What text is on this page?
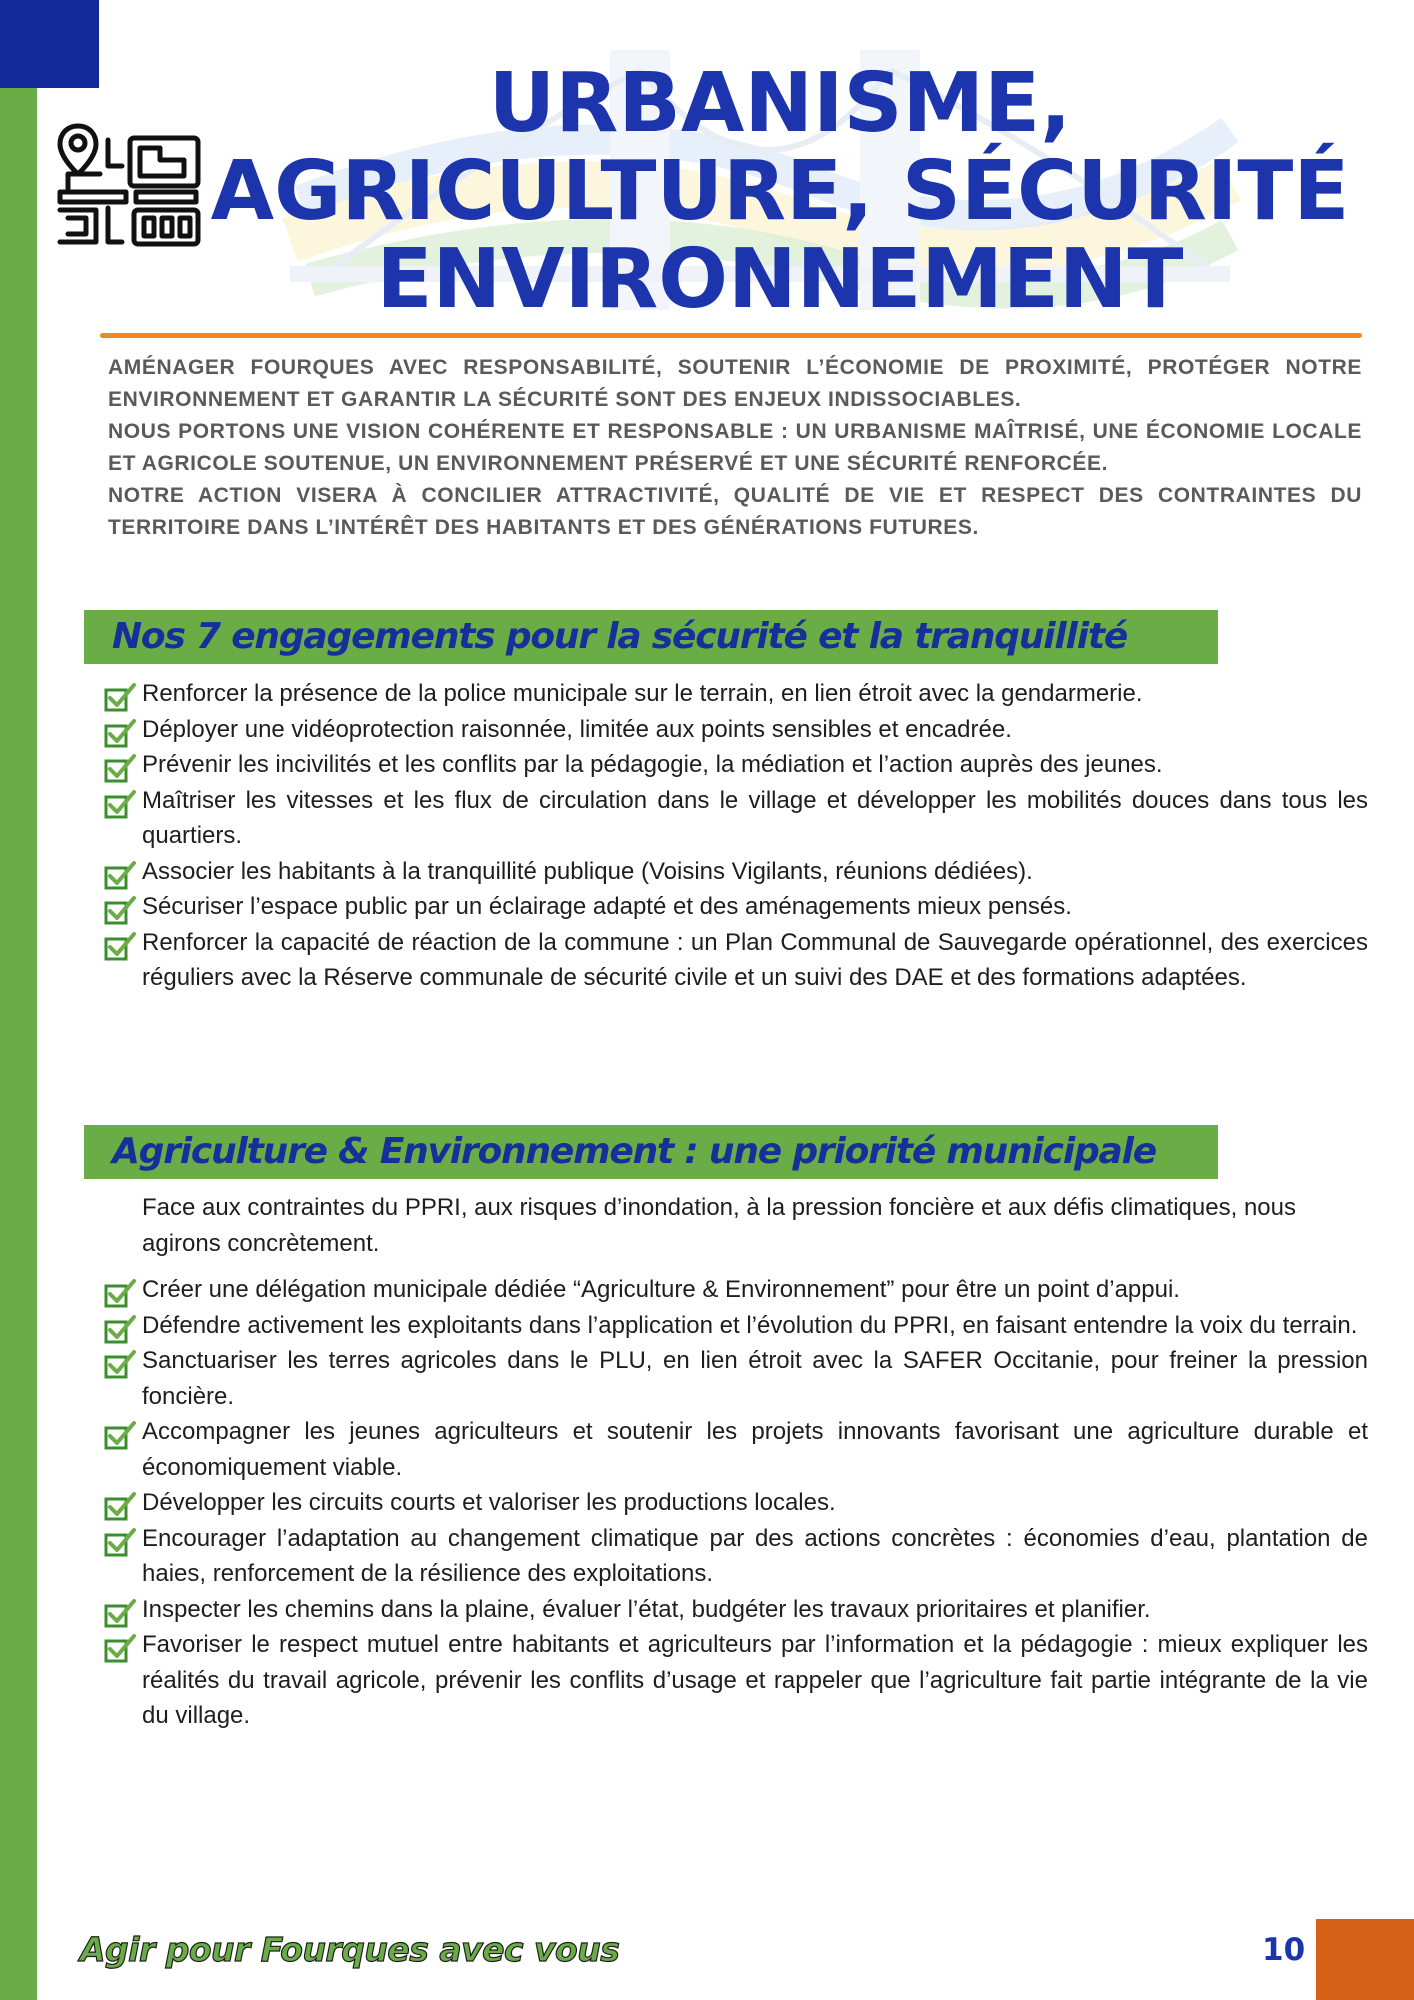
URBANISME,
AGRICULTURE, SÉCURITÉ
ENVIRONNEMENT

AMÉNAGER FOURQUES AVEC RESPONSABILITÉ, SOUTENIR L’ÉCONOMIE DE PROXIMITÉ, PROTÉGER NOTRE ENVIRONNEMENT ET GARANTIR LA SÉCURITÉ SONT DES ENJEUX INDISSOCIABLES.

NOUS PORTONS UNE VISION COHÉRENTE ET RESPONSABLE : UN URBANISME MAÎTRISÉ, UNE ÉCONOMIE LOCALE ET AGRICOLE SOUTENUE, UN ENVIRONNEMENT PRÉSERVÉ ET UNE SÉCURITÉ RENFORCÉE.

NOTRE ACTION VISERA À CONCILIER ATTRACTIVITÉ, QUALITÉ DE VIE ET RESPECT DES CONTRAINTES DU TERRITOIRE DANS L’INTÉRÊT DES HABITANTS ET DES GÉNÉRATIONS FUTURES.

Nos 7 engagements pour la sécurité et la tranquillité
Renforcer la présence de la police municipale sur le terrain, en lien étroit avec la gendarmerie.
Déployer une vidéoprotection raisonnée, limitée aux points sensibles et encadrée.
Prévenir les incivilités et les conflits par la pédagogie, la médiation et l’action auprès des jeunes.
Maîtriser les vitesses et les flux de circulation dans le village et développer les mobilités douces dans tous les quartiers.
Associer les habitants à la tranquillité publique (Voisins Vigilants, réunions dédiées).
Sécuriser l’espace public par un éclairage adapté et des aménagements mieux pensés.
Renforcer la capacité de réaction de la commune : un Plan Communal de Sauvegarde opérationnel, des exercices réguliers avec la Réserve communale de sécurité civile et un suivi des DAE et des formations adaptées.
Agriculture & Environnement : une priorité municipale
Face aux contraintes du PPRI, aux risques d’inondation, à la pression foncière et aux défis climatiques, nous agirons concrètement.
Créer une délégation municipale dédiée “Agriculture & Environnement” pour être un point d’appui.
Défendre activement les exploitants dans l’application et l’évolution du PPRI, en faisant entendre la voix du terrain.
Sanctuariser les terres agricoles dans le PLU, en lien étroit avec la SAFER Occitanie, pour freiner la pression foncière.
Accompagner les jeunes agriculteurs et soutenir les projets innovants favorisant une agriculture durable et économiquement viable.
Développer les circuits courts et valoriser les productions locales.
Encourager l’adaptation au changement climatique par des actions concrètes : économies d’eau, plantation de haies, renforcement de la résilience des exploitations.
Inspecter les chemins dans la plaine, évaluer l’état, budgéter les travaux prioritaires et planifier.
Favoriser le respect mutuel entre habitants et agriculteurs par l’information et la pédagogie : mieux expliquer les réalités du travail agricole, prévenir les conflits d’usage et rappeler que l’agriculture fait partie intégrante de la vie du village.
Agir pour Fourques avec vous	10
